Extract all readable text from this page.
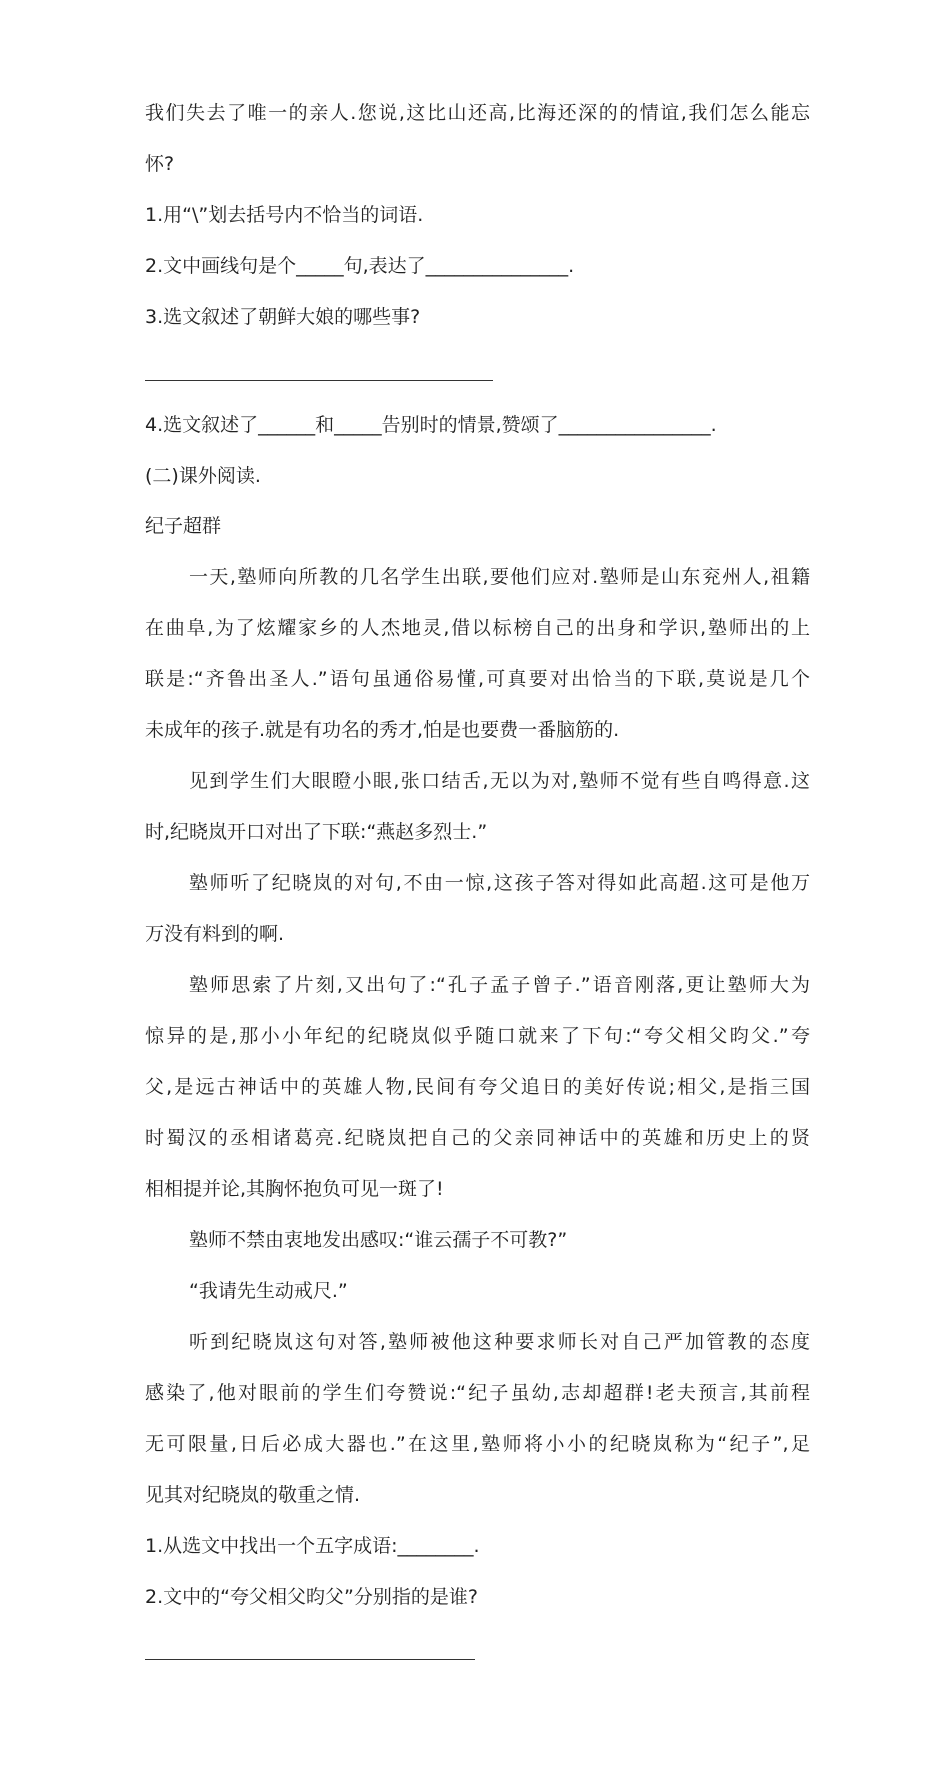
我们失去了唯一的亲人.您说,这比山还高,比海还深的的情谊,我们怎么能忘
怀?
1.用“\”划去括号内不恰当的词语.
2.文中画线句是个_____句,表达了_______________.
3.选文叙述了朝鲜大娘的哪些事?
4.选文叙述了______和_____告别时的情景,赞颂了________________.
(二)课外阅读.
纪子超群
一天,塾师向所教的几名学生出联,要他们应对.塾师是山东兖州人,祖籍
在曲阜,为了炫耀家乡的人杰地灵,借以标榜自己的出身和学识,塾师出的上
联是:“齐鲁出圣人.”语句虽通俗易懂,可真要对出恰当的下联,莫说是几个
未成年的孩子.就是有功名的秀才,怕是也要费一番脑筋的.
见到学生们大眼瞪小眼,张口结舌,无以为对,塾师不觉有些自鸣得意.这
时,纪晓岚开口对出了下联:“燕赵多烈士.”
塾师听了纪晓岚的对句,不由一惊,这孩子答对得如此高超.这可是他万
万没有料到的啊.
塾师思索了片刻,又出句了:“孔子孟子曾子.”语音刚落,更让塾师大为
惊异的是,那小小年纪的纪晓岚似乎随口就来了下句:“夸父相父昀父.”夸
父,是远古神话中的英雄人物,民间有夸父追日的美好传说;相父,是指三国
时蜀汉的丞相诸葛亮.纪晓岚把自己的父亲同神话中的英雄和历史上的贤
相相提并论,其胸怀抱负可见一斑了!
塾师不禁由衷地发出感叹:“谁云孺子不可教?”
“我请先生动戒尺.”
听到纪晓岚这句对答,塾师被他这种要求师长对自己严加管教的态度
感染了,他对眼前的学生们夸赞说:“纪子虽幼,志却超群!老夫预言,其前程
无可限量,日后必成大器也.”在这里,塾师将小小的纪晓岚称为“纪子”,足
见其对纪晓岚的敬重之情.
1.从选文中找出一个五字成语:________.
2.文中的“夸父相父昀父”分别指的是谁?
